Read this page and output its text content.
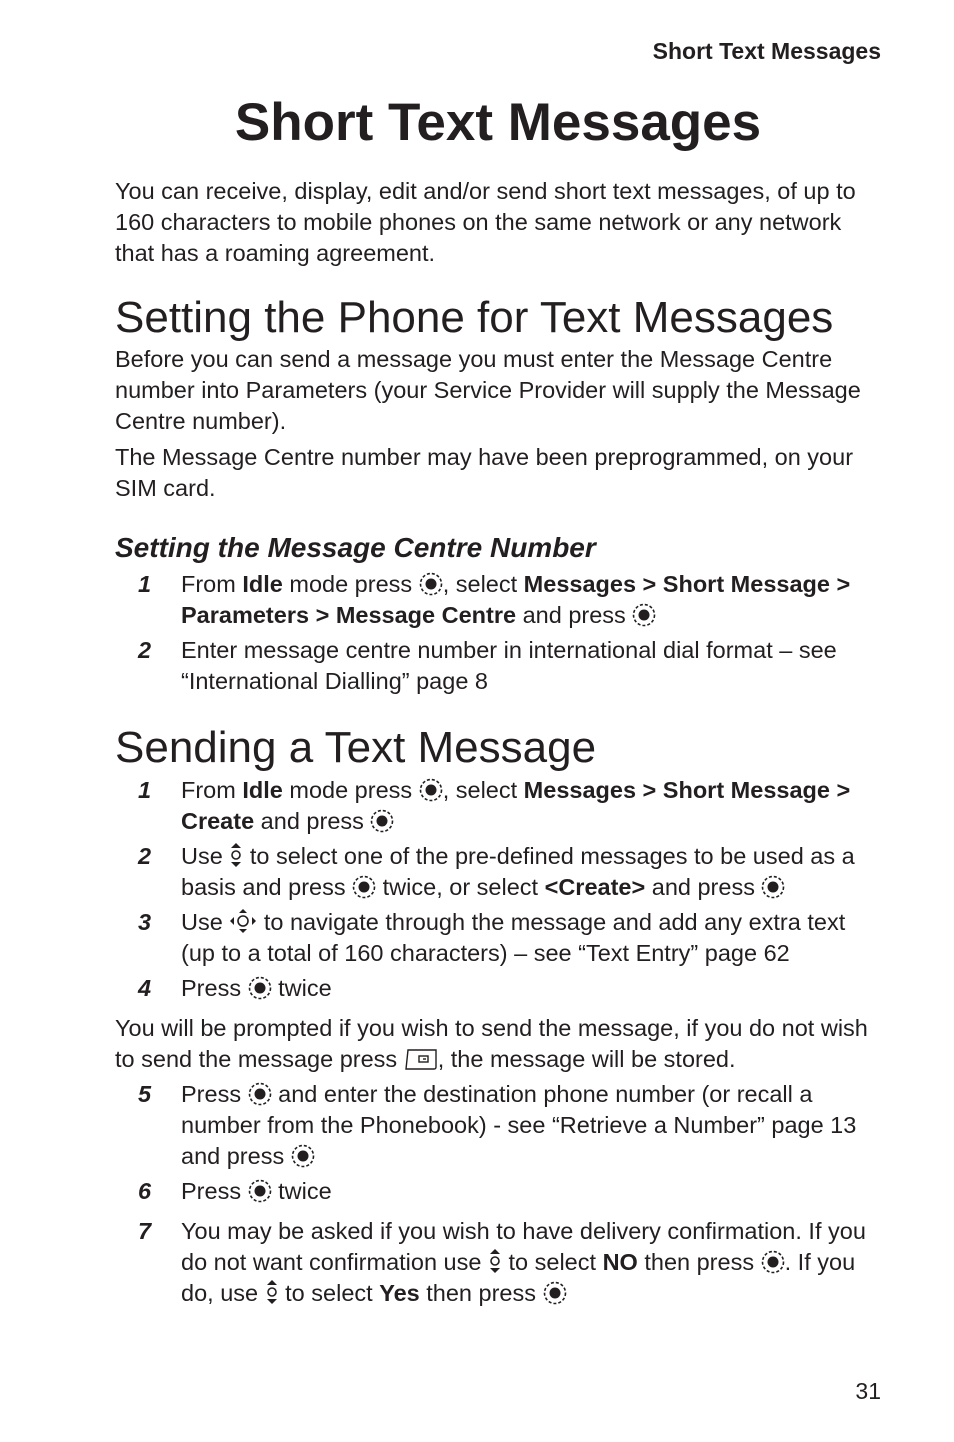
Short Text Messages

Short Text Messages

You can receive, display, edit and/or send short text messages, of up to 160 characters to mobile phones on the same network or any network that has a roaming agreement.

Setting the Phone for Text Messages

Before you can send a message you must enter the Message Centre number into Parameters (your Service Provider will supply the Message Centre number).

The Message Centre number may have been preprogrammed, on your SIM card.

Setting the Message Centre Number
1 From Idle mode press , select Messages > Short Message > Parameters > Message Centre and press
2 Enter message centre number in international dial format – see “International Dialling” page 8
Sending a Text Message
1 From Idle mode press , select Messages > Short Message > Create and press
2 Use  to select one of the pre-defined messages to be used as a basis and press  twice, or select <Create> and press
3 Use  to navigate through the message and add any extra text (up to a total of 160 characters) – see “Text Entry” page 62
4 Press  twice

You will be prompted if you wish to send the message, if you do not wish to send the message press , the message will be stored.

5 Press  and enter the destination phone number (or recall a number from the Phonebook) - see “Retrieve a Number” page 13 and press
6 Press  twice
7 You may be asked if you wish to have delivery confirmation. If you do not want confirmation use  to select NO then press . If you do, use  to select Yes then press

31
